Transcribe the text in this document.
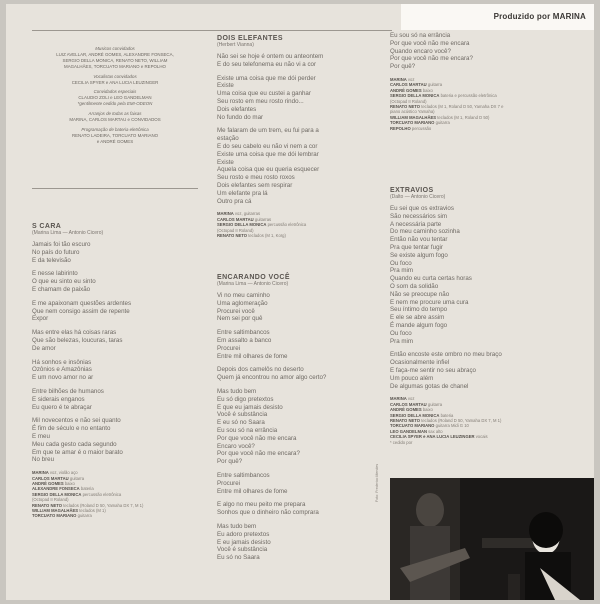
Produzido por MARINA
Musicos convidados
LUIZ AVELLAR, ANDRÉ GOMES, ALEXANDRE FONSECA,
SERGIO DELLA MONICA, RENATO NETO, WILLIAM
MAGALHÃES, TORCUATO MARIANO e REPOLHO
Vocalistas convidados
CECILIA SPYER e ANA LUCIA LEUZINGER
Convidados especiais
CLAUDIO ZOLI e LEO GANDELMAN
*gentilmente cedido pela EMI-ODEON
Arranjos de todas as faixas
MARINA, CARLOS MARTAU e CONVIDADOS
Programação de bateria eletrônica
RENATO LADEIRA, TORCUATO MARIANO
e ANDRÉ GOMES
S CARA
(Marina Lima — Antonio Cicero)
Jamais foi tão escuro
No país do futuro
E da televisão
E nesse labirinto
O que eu sinto eu sinto
E chamam de paixão
E me apaixonam questões ardentes
Que nem consigo assim de repente
Expor
Mas entre elas há coisas raras
Que são belezas, loucuras, taras
De amor
Há sonhos e insônias
Ozônios e Amazônias
E um novo amor no ar
Entre bilhões de humanos
E siderais enganos
Eu quero é te abraçar
Mil novecentos e não sei quanto
É fim de século e no entanto
E meu
Meu cada gesto cada segundo
Em que te amar é o maior barato
No breu
MARINA voz, violão aço
CARLOS MARTAU guitarra
ANDRÉ GOMES baixo
ALEXANDRE FONSECA bateria
SERGIO DELLA MONICA percussão eletrônica
(Octopad II Roland)
RENATO NETO teclados (Roland D 50, Yamaha DX 7, M 1)
WILLIAM MAGALHÃES teclados (M 1)
TORCUATO MARIANO guitarra
DOIS ELEFANTES
(Herbert Vianna)
Não sei se hoje é ontem ou anteontem
E do seu telefonema eu não vi a cor
Existe uma coisa que me dói perder
Existe
Uma coisa que eu custei a ganhar
Seu rosto em meu rosto rindo...
Dois elefantes
No fundo do mar
Me falaram de um trem, eu fui para a
estação
E do seu cabelo eu não vi nem a cor
Existe uma coisa que me dói lembrar
Existe
Aquela coisa que eu queria esquecer
Seu rosto e meu rosto roxos
Dois elefantes sem respirar
Um elefante pra lá
Outro pra cá
MARINA voz, guitarras
CARLOS MARTAU guitarras
SERGIO DELLA MONICA percussão eletrônica
(Octopad II Roland)
RENATO NETO teclados (M 1, Korg)
ENCARANDO VOCÊ
(Marina Lima — Antonio Cicero)
Vi no meu caminho
Uma aglomeração
Procurei você
Nem sei por quê
Entre saltimbancos
Em assalto a banco
Procurei
Entre mil olhares de fome
Depois dos camelôs no deserto
Quem já encontrou no amor algo certo?
Mas tudo bem
Eu só digo pretextos
E que eu jamais desisto
Você é substância
E eu só no Saara
Eu sou só na errância
Por que você não me encara
Encaro você?
Por que você não me encara?
Por quê?
Entre saltimbancos
Procurei
Entre mil olhares de fome
E algo no meu peito me prepara
Sonhos que o dinheiro não comprara
Mas tudo bem
Eu adoro pretextos
E eu jamais desisto
Você é substância
Eu só no Saara
Eu sou só na errância
Por que você não me encara
Quando encaro você?
Por que você não me encara?
Por quê?
MARINA voz
CARLOS MARTAU guitarra
ANDRÉ GOMES baixo
SERGIO DELLA MONICA bateria e percussão eletrônica
(Octopad II Roland)
RENATO NETO teclados (M 1, Roland D 50, Yamaha DX 7 e
piano acústico Yamaha)
WILLIAM MAGALHÃES teclados (M 1, Roland D 50)
TORCUATO MARIANO guitarra
REPOLHO percussão
EXTRAVIOS
(Dalto — Antonio Cicero)
Eu sei que os extravios
São necessários sim
A necessária parte
Do meu caminho sozinha
Então não vou tentar
Pra que tentar fugir
Se existe algum fogo
Ou foco
Pra mim
Quando eu curta certas horas
O som da solidão
Não se preocupe não
E nem me procure uma cura
Seu íntimo do tempo
E ele se abre assim
É mande algum fogo
Ou foco
Pra mim
Então encoste este ombro no meu braço
Ocasionalmente infiel
E faça-me sentir no seu abraço
Um pouco além
De algumas gotas de chanel
MARINA voz
CARLOS MARTAU guitarra
ANDRÉ GOMES baixo
SERGIO DELLA MONICA bateria
RENATO NETO teclados (Roland D 50, Yamaha DX 7, M 1)
TORCUATO MARIANO guitarra Midi G 10
LEO GANDELMAN sax alto
CECILIA SPYER e ANA LUCIA LEUZINGER vocais
* cedido por
Foto: Frederico Mendes
